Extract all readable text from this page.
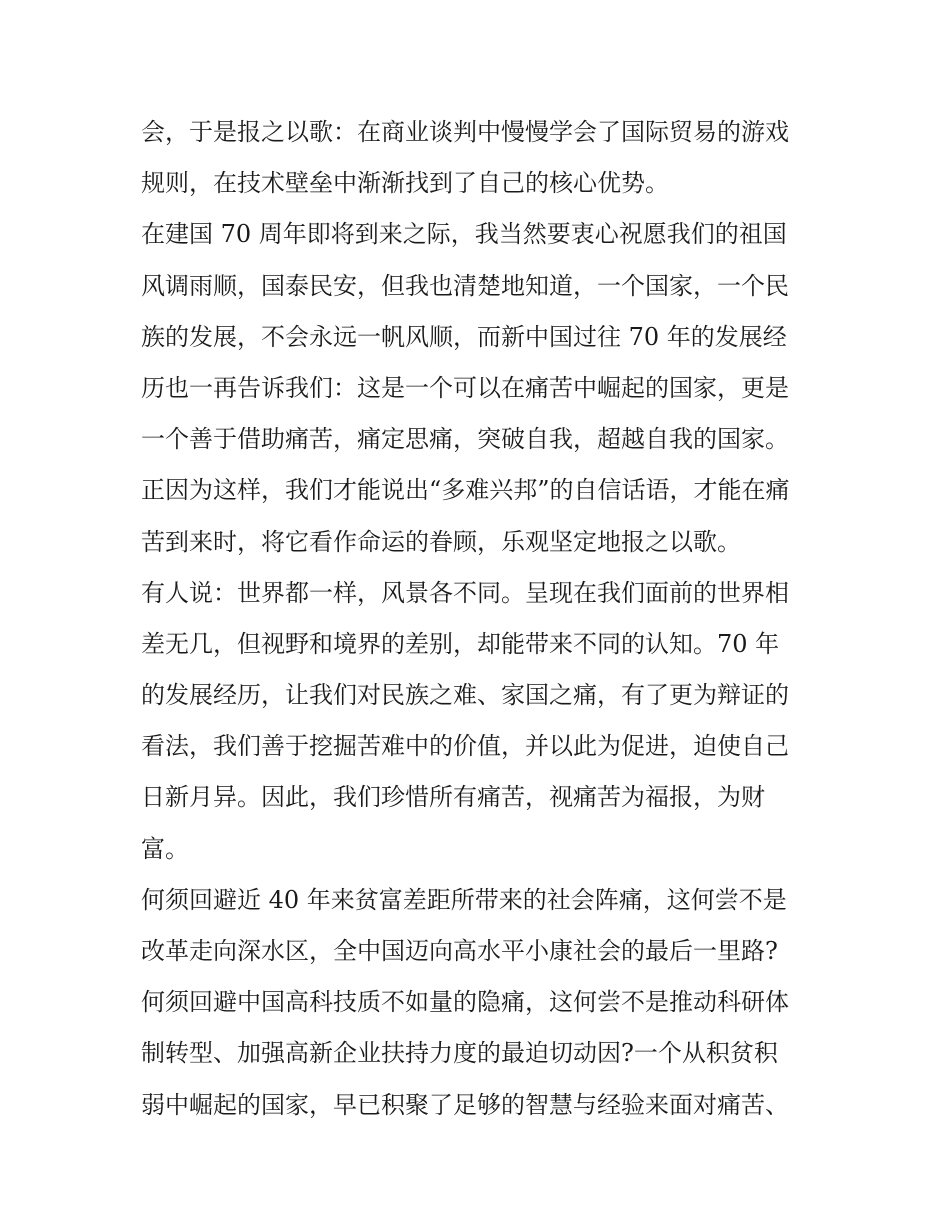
会，于是报之以歌：在商业谈判中慢慢学会了国际贸易的游戏
规则，在技术壁垒中渐渐找到了自己的核心优势。
在建国 70 周年即将到来之际，我当然要衷心祝愿我们的祖国
风调雨顺，国泰民安，但我也清楚地知道，一个国家，一个民
族的发展，不会永远一帆风顺，而新中国过往 70 年的发展经
历也一再告诉我们：这是一个可以在痛苦中崛起的国家，更是
一个善于借助痛苦，痛定思痛，突破自我，超越自我的国家。
正因为这样，我们才能说出“多难兴邦”的自信话语，才能在痛
苦到来时，将它看作命运的眷顾，乐观坚定地报之以歌。
有人说：世界都一样，风景各不同。呈现在我们面前的世界相
差无几，但视野和境界的差别，却能带来不同的认知。70 年
的发展经历，让我们对民族之难、家国之痛，有了更为辩证的
看法，我们善于挖掘苦难中的价值，并以此为促进，迫使自己
日新月异。因此，我们珍惜所有痛苦，视痛苦为福报，为财
富。
何须回避近 40 年来贫富差距所带来的社会阵痛，这何尝不是
改革走向深水区，全中国迈向高水平小康社会的最后一里路?
何须回避中国高科技质不如量的隐痛，这何尝不是推动科研体
制转型、加强高新企业扶持力度的最迫切动因?一个从积贫积
弱中崛起的国家，早已积聚了足够的智慧与经验来面对痛苦、
